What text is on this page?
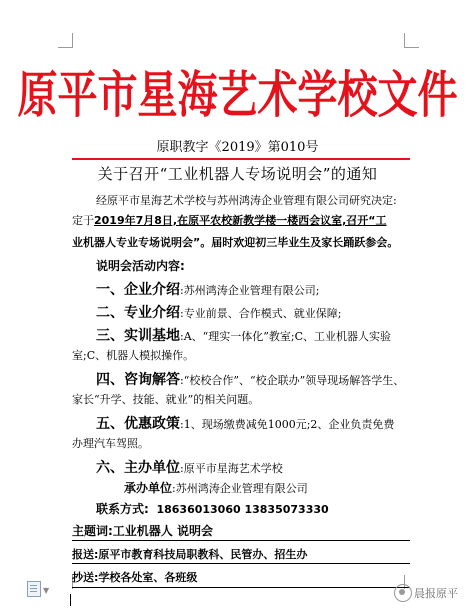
原平市星海艺术学校文件
原职教字《2019》第010号
关于召开“工业机器人专场说明会”的通知
经原平市星海艺术学校与苏州鸿涛企业管理有限公司研究决定:
定于2019年7月8日,在原平农校新教学楼一楼西会议室,召开“工
业机器人专业专场说明会”。届时欢迎初三毕业生及家长踊跃参会。
说明会活动内容:
一、企业介绍:苏州鸿涛企业管理有限公司;
二、专业介绍:专业前景、合作模式、就业保障;
三、实训基地:A、“理实一体化”教室;C、工业机器人实验
室;C、机器人模拟操作。
四、咨询解答:“校校合作”、“校企联办”领导现场解答学生、
家长“升学、技能、就业”的相关问题。
五、优惠政策:1、现场缴费减免1000元;2、企业负责免费
办理汽车驾照。
六、主办单位:原平市星海艺术学校
承办单位:苏州鸿涛企业管理有限公司
联系方式: 18636013060 13835073330
主题词:工业机器人 说明会
报送:原平市教育科技局职教科、民管办、招生办
抄送:学校各处室、各班级
▼	晨报原平
